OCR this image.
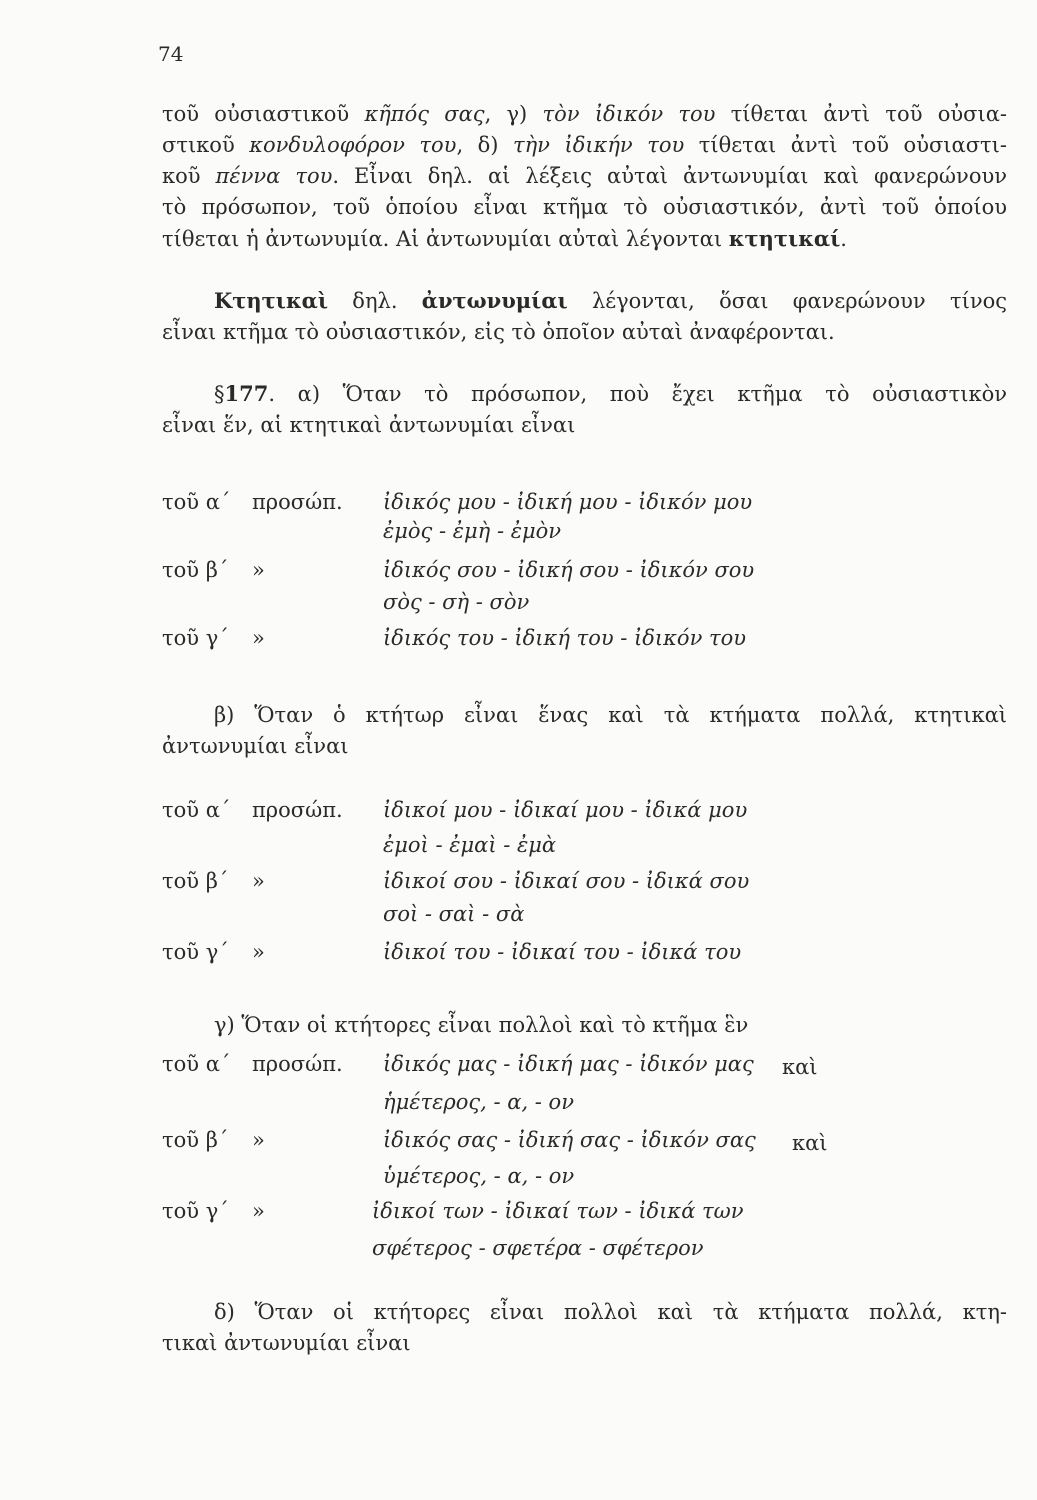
74
τοῦ οὐσιαστικοῦ κῆπός σας, γ) τὸν ἰδικόν του τίθεται ἀντὶ τοῦ οὐσια-
στικοῦ κονδυλοφόρον του, δ) τὴν ἰδικήν του τίθεται ἀντὶ τοῦ οὐσιαστι-
κοῦ πέννα του. Εἶναι δηλ. αἱ λέξεις αὐταὶ ἀντωνυμίαι καὶ φανερώνουν
τὸ πρόσωπον, τοῦ ὁποίου εἶναι κτῆμα τὸ οὐσιαστικόν, ἀντὶ τοῦ ὁποίου
τίθεται ἡ ἀντωνυμία. Αἱ ἀντωνυμίαι αὐταὶ λέγονται κτητικαί.
Κτητικαὶ δηλ. ἀντωνυμίαι λέγονται, ὅσαι φανερώνουν τίνος
εἶναι κτῆμα τὸ οὐσιαστικόν, εἰς τὸ ὁποῖον αὐταὶ ἀναφέρονται.
§177. α) Ὅταν τὸ πρόσωπον, ποὺ ἔχει κτῆμα τὸ οὐσιαστικὸν
εἶναι ἕν, αἱ κτητικαὶ ἀντωνυμίαι εἶναι
τοῦ α΄ προσώπ. ἰδικός μου - ἰδική μου - ἰδικόν μου
ἐμὸς - ἐμὴ - ἐμὸν
τοῦ β΄ »	ἰδικός σου - ἰδική σου - ἰδικόν σου
σὸς - σὴ - σὸν
τοῦ γ΄ »	ἰδικός του - ἰδική του - ἰδικόν του
β) Ὅταν ὁ κτήτωρ εἶναι ἕνας καὶ τὰ κτήματα πολλά, κτητικαὶ
ἀντωνυμίαι εἶναι
τοῦ α΄ προσώπ. ἰδικοί μου - ἰδικαί μου - ἰδικά μου
ἐμοὶ - ἐμαὶ - ἐμὰ
τοῦ β΄ »	ἰδικοί σου - ἰδικαί σου - ἰδικά σου
σοὶ - σαὶ - σὰ
τοῦ γ΄ »	ἰδικοί του - ἰδικαί του - ἰδικά του
γ) Ὅταν οἱ κτήτορες εἶναι πολλοὶ καὶ τὸ κτῆμα ἓν
τοῦ α΄ προσώπ. ἰδικός μας - ἰδική μας - ἰδικόν μας καὶ
ἡμέτερος, - α, - ον
τοῦ β΄ »	ἰδικός σας - ἰδική σας - ἰδικόν σας καὶ
ὑμέτερος, - α, - ον
τοῦ γ΄ »	ἰδικοί των - ἰδικαί των - ἰδικά των
σφέτερος - σφετέρα - σφέτερον
δ) Ὅταν οἱ κτήτορες εἶναι πολλοὶ καὶ τὰ κτήματα πολλά, κτη-
τικαὶ ἀντωνυμίαι εἶναι
